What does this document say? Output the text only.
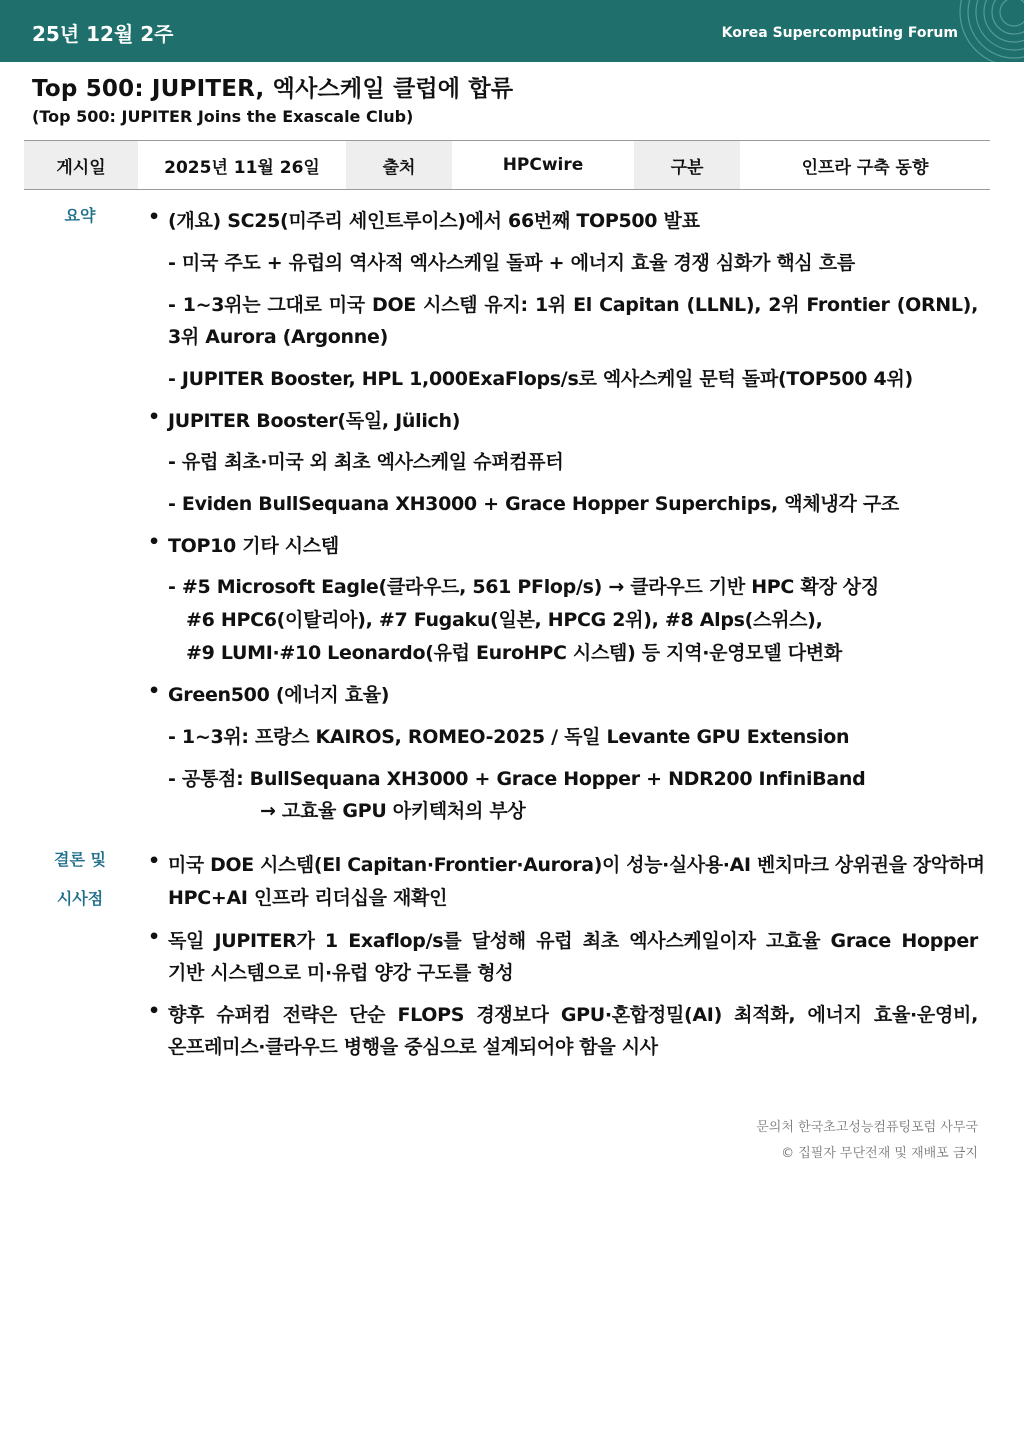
25년 12월 2주	Korea Supercomputing Forum
Top 500: JUPITER, 엑사스케일 클럽에 합류
(Top 500: JUPITER Joins the Exascale Club)
게시일	2025년 11월 26일	출처	HPCwire	구분	인프라 구축 동향
요약	• (개요) SC25(미주리 세인트루이스)에서 66번째 TOP500 발표
- 미국 주도 + 유럽의 역사적 엑사스케일 돌파 + 에너지 효율 경쟁 심화가 핵심 흐름
- 1~3위는 그대로 미국 DOE 시스템 유지: 1위 El Capitan (LLNL), 2위 Frontier (ORNL),
3위 Aurora (Argonne)
- JUPITER Booster, HPL 1,000ExaFlops/s로 엑사스케일 문턱 돌파(TOP500 4위)
• JUPITER Booster(독일, Jülich)
- 유럽 최초·미국 외 최초 엑사스케일 슈퍼컴퓨터
- Eviden BullSequana XH3000 + Grace Hopper Superchips, 액체냉각 구조
• TOP10 기타 시스템
- #5 Microsoft Eagle(클라우드, 561 PFlop/s) → 클라우드 기반 HPC 확장 상징
#6 HPC6(이탈리아), #7 Fugaku(일본, HPCG 2위), #8 Alps(스위스),
#9 LUMI·#10 Leonardo(유럽 EuroHPC 시스템) 등 지역·운영모델 다변화
• Green500 (에너지 효율)
- 1~3위: 프랑스 KAIROS, ROMEO-2025 / 독일 Levante GPU Extension
- 공통점: BullSequana XH3000 + Grace Hopper + NDR200 InfiniBand
→ 고효율 GPU 아키텍처의 부상
결론 및
시사점
• 미국 DOE 시스템(El Capitan·Frontier·Aurora)이 성능·실사용·AI 벤치마크 상위권을 장악하며
HPC+AI 인프라 리더십을 재확인
• 독일 JUPITER가 1 Exaflop/s를 달성해 유럽 최초 엑사스케일이자 고효율 Grace Hopper
기반 시스템으로 미·유럽 양강 구도를 형성
• 향후 슈퍼컴 전략은 단순 FLOPS 경쟁보다 GPU·혼합정밀(AI) 최적화, 에너지 효율·운영비,
온프레미스·클라우드 병행을 중심으로 설계되어야 함을 시사
문의처 한국초고성능컴퓨팅포럼 사무국
© 집필자 무단전재 및 재배포 금지
